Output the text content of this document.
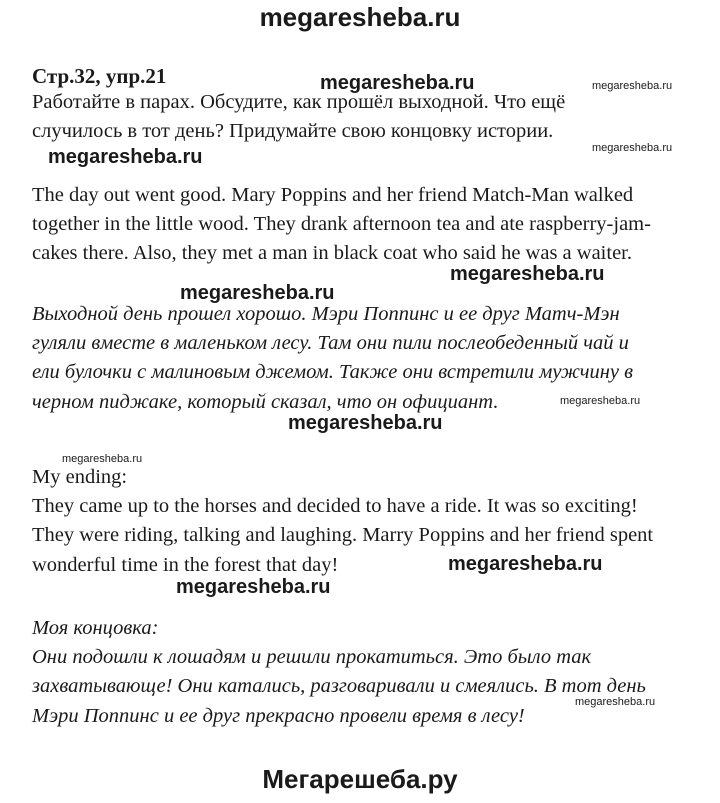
megaresheba.ru
megaresheba.ru	megaresheba.ru
megaresheba.ru	megaresheba.ru
megaresheba.ru
megaresheba.ru
megaresheba.ru
megaresheba.ru
megaresheba.ru
megaresheba.ru
megaresheba.ru
megaresheba.ru
Мегарешеба.ру
Стр.32, упр.21
Работайте в парах. Обсудите, как прошёл выходной. Что ещё
случилось в тот день? Придумайте свою концовку истории.
The day out went good. Mary Poppins and her friend Match-Man walked
together in the little wood. They drank afternoon tea and ate raspberry-jam-
cakes there. Also, they met a man in black coat who said he was a waiter.
Выходной день прошел хорошо. Мэри Поппинс и ее друг Матч-Мэн
гуляли вместе в маленьком лесу. Там они пили послеобеденный чай и
ели булочки с малиновым джемом. Также они встретили мужчину в
черном пиджаке, который сказал, что он официант.
My ending:
They came up to the horses and decided to have a ride. It was so exciting!
They were riding, talking and laughing. Marry Poppins and her friend spent
wonderful time in the forest that day!
Моя концовка:
Они подошли к лошадям и решили прокатиться. Это было так
захватывающе! Они катались, разговаривали и смеялись. В тот день
Мэри Поппинс и ее друг прекрасно провели время в лесу!
